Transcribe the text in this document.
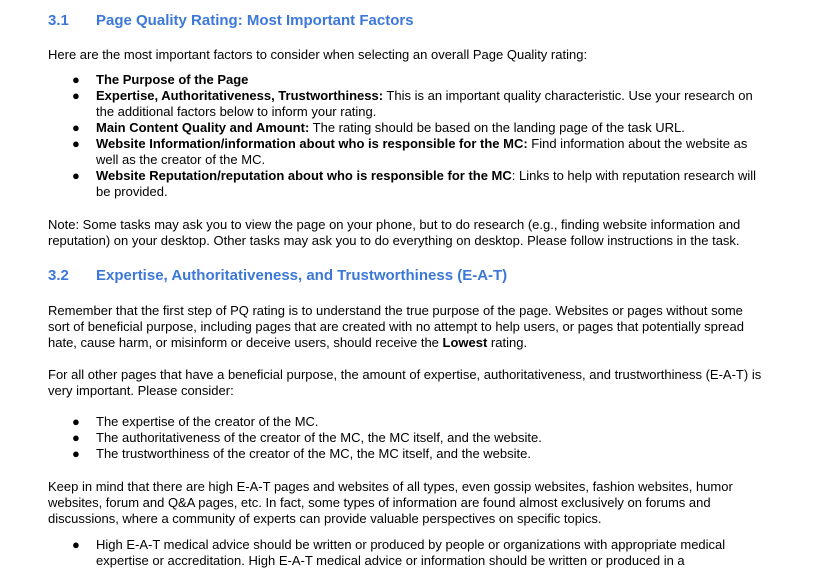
3.1	Page Quality Rating: Most Important Factors

Here are the most important factors to consider when selecting an overall Page Quality rating:

● The Purpose of the Page
● Expertise, Authoritativeness, Trustworthiness: This is an important quality characteristic. Use your research on the additional factors below to inform your rating.
● Main Content Quality and Amount: The rating should be based on the landing page of the task URL.
● Website Information/information about who is responsible for the MC: Find information about the website as well as the creator of the MC.
● Website Reputation/reputation about who is responsible for the MC: Links to help with reputation research will be provided.

Note: Some tasks may ask you to view the page on your phone, but to do research (e.g., finding website information and reputation) on your desktop. Other tasks may ask you to do everything on desktop. Please follow instructions in the task.

3.2	Expertise, Authoritativeness, and Trustworthiness (E-A-T)

Remember that the first step of PQ rating is to understand the true purpose of the page. Websites or pages without some sort of beneficial purpose, including pages that are created with no attempt to help users, or pages that potentially spread hate, cause harm, or misinform or deceive users, should receive the Lowest rating.

For all other pages that have a beneficial purpose, the amount of expertise, authoritativeness, and trustworthiness (E-A-T) is very important. Please consider:

● The expertise of the creator of the MC.
● The authoritativeness of the creator of the MC, the MC itself, and the website.
● The trustworthiness of the creator of the MC, the MC itself, and the website.

Keep in mind that there are high E-A-T pages and websites of all types, even gossip websites, fashion websites, humor websites, forum and Q&A pages, etc. In fact, some types of information are found almost exclusively on forums and discussions, where a community of experts can provide valuable perspectives on specific topics.

● High E-A-T medical advice should be written or produced by people or organizations with appropriate medical expertise or accreditation. High E-A-T medical advice or information should be written or produced in a
